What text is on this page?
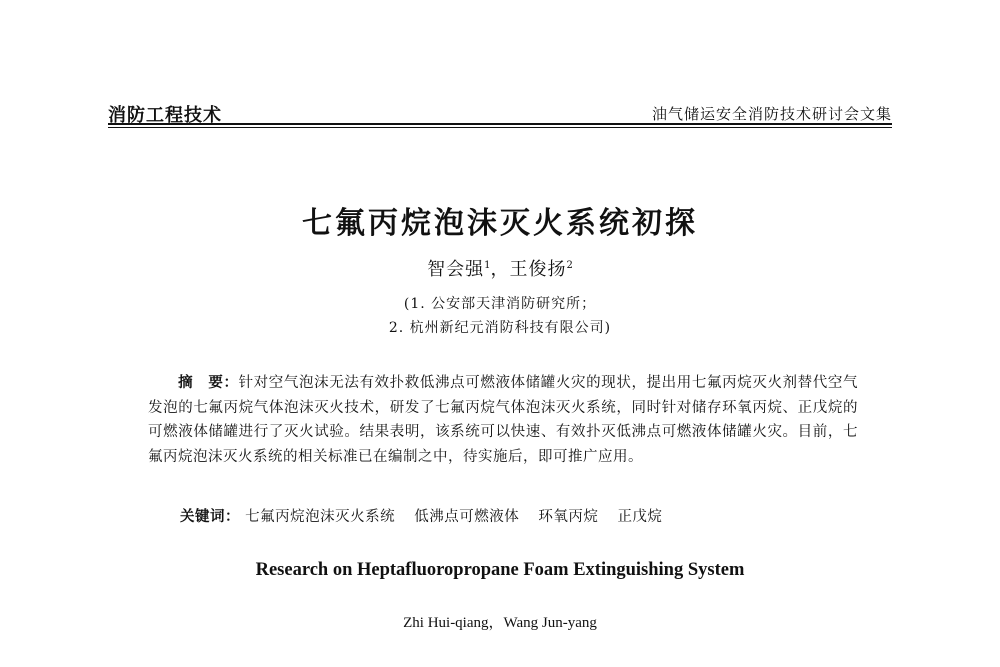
消防工程技术	油气储运安全消防技术研讨会文集
七氟丙烷泡沫灭火系统初探
智会强$^1$，王俊扬$^2$
(1. 公安部天津消防研究所；
2. 杭州新纪元消防科技有限公司)
摘　要：针对空气泡沫无法有效扑救低沸点可燃液体储罐火灾的现状，提出用七氟丙烷灭火剂替代空气发泡的七氟丙烷气体泡沫灭火技术，研发了七氟丙烷气体泡沫灭火系统，同时针对储存环氧丙烷、正戊烷的可燃液体储罐进行了灭火试验。结果表明，该系统可以快速、有效扑灭低沸点可燃液体储罐火灾。目前，七氟丙烷泡沫灭火系统的相关标准已在编制之中，待实施后，即可推广应用。
关键词： 七氟丙烷泡沫灭火系统 低沸点可燃液体 环氧丙烷 正戊烷
Research on Heptafluoropropane Foam Extinguishing System
Zhi Hui-qiang，Wang Jun-yang
